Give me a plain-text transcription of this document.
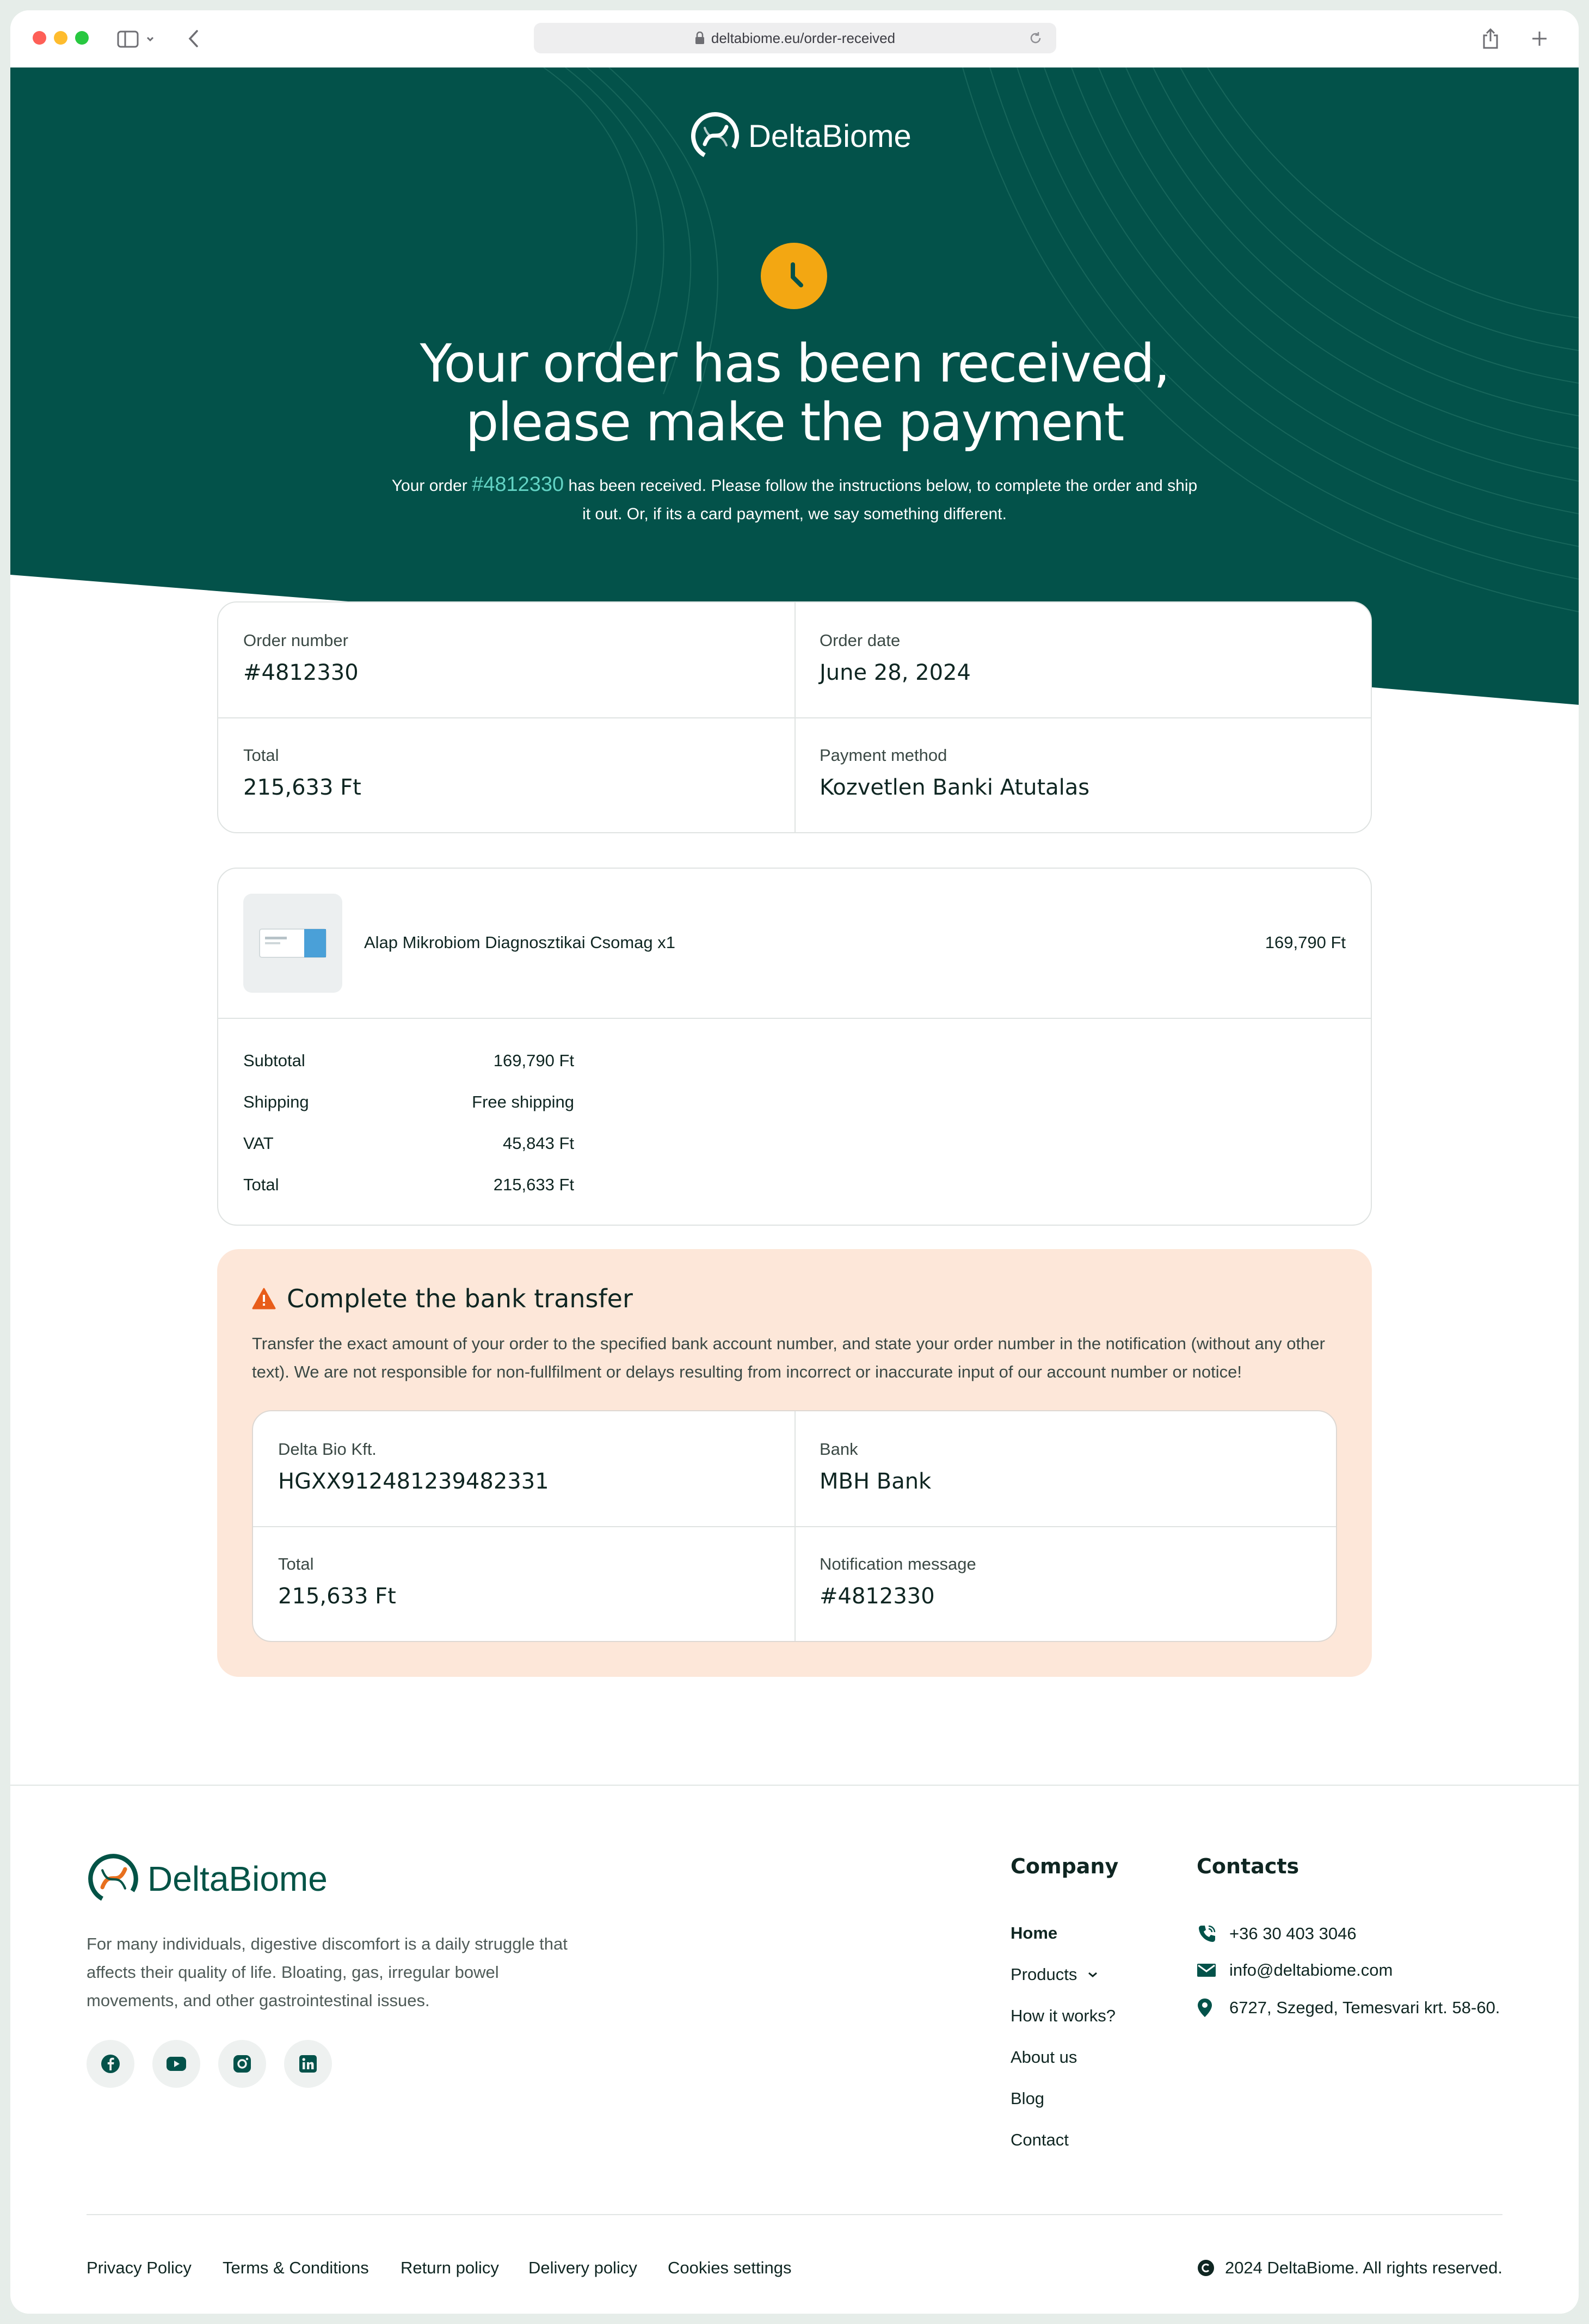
deltabiome.eu/order-received
DeltaBiome
Your order has been received,
please make the payment
Your order #4812330 has been received. Please follow the instructions below, to complete the order and ship it out. Or, if its a card payment, we say something different.
Order number
#4812330
Order date
June 28, 2024
Total
215,633 Ft
Payment method
Kozvetlen Banki Atutalas
Alap Mikrobiom Diagnosztikai Csomag x1	169,790 Ft
Subtotal	169,790 Ft
Shipping	Free shipping
VAT	45,843 Ft
Total	215,633 Ft
Complete the bank transfer
Transfer the exact amount of your order to the specified bank account number, and state your order number in the notification (without any other text). We are not responsible for non-fullfilment or delays resulting from incorrect or inaccurate input of our account number or notice!
Delta Bio Kft.
HGXX912481239482331
Bank
MBH Bank
Total
215,633 Ft
Notification message
#4812330
DeltaBiome
For many individuals, digestive discomfort is a daily struggle that affects their quality of life. Bloating, gas, irregular bowel movements, and other gastrointestinal issues.
Company
Home
Products
How it works?
About us
Blog
Contact
Contacts
+36 30 403 3046
info@deltabiome.com
6727, Szeged, Temesvari krt. 58-60.
Privacy Policy Terms & Conditions Return policy Delivery policy Cookies settings	2024 DeltaBiome. All rights reserved.
